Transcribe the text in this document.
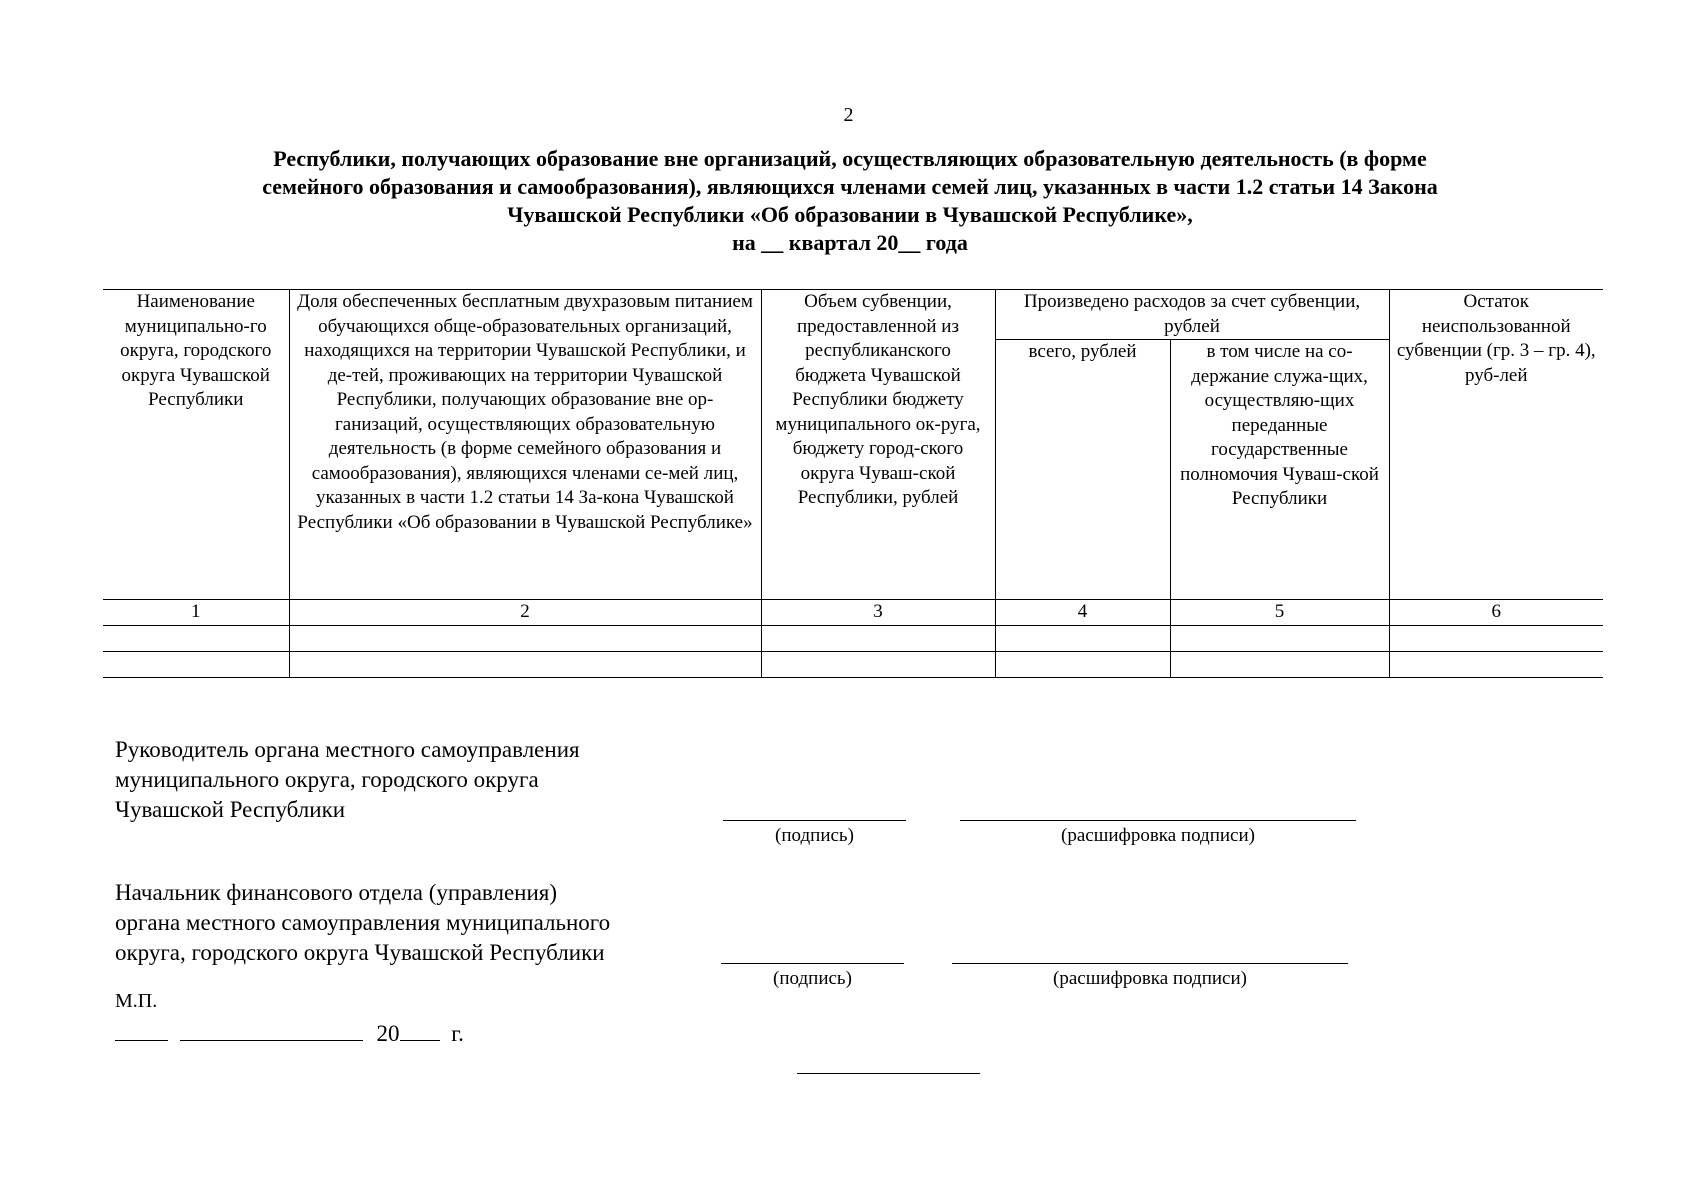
2
Республики, получающих образование вне организаций, осуществляющих образовательную деятельность (в форме
семейного образования и самообразования), являющихся членами семей лиц, указанных в части 1.2 статьи 14 Закона
Чувашской Республики «Об образовании в Чувашской Республике»,
на __ квартал 20__ года
Наименование муниципально-го округа, городского округа Чувашской Республики	Доля обеспеченных бесплатным двухразовым питанием обучающихся обще-образовательных организаций, находящихся на территории Чувашской Республики, и де-тей, проживающих на территории Чувашской Республики, получающих образование вне ор-ганизаций, осуществляющих образовательную деятельность (в форме семейного образования и самообразования), являющихся членами се-мей лиц, указанных в части 1.2 статьи 14 За-кона Чувашской Республики «Об образовании в Чувашской Республике»	Объем субвенции, предоставленной из республиканского бюджета Чувашской Республики бюджету муниципального ок-руга, бюджету город-ского округа Чуваш-ской Республики, рублей	Произведено расходов за счет субвенции, рублей		Остаток неиспользованной субвенции (гр. 3 – гр. 4), руб-лей
			всего, рублей	в том числе на со-держание служа-щих, осуществляю-щих переданные государственные полномочия Чуваш-ской Республики	
1	2	3	4	5	6

Руководитель органа местного самоуправления
муниципального округа, городского округа
Чувашской Республики
(подпись)	(расшифровка подписи)
Начальник финансового отдела (управления)
органа местного самоуправления муниципального
округа, городского округа Чувашской Республики
(подпись)	(расшифровка подписи)
М.П.
20 г.
